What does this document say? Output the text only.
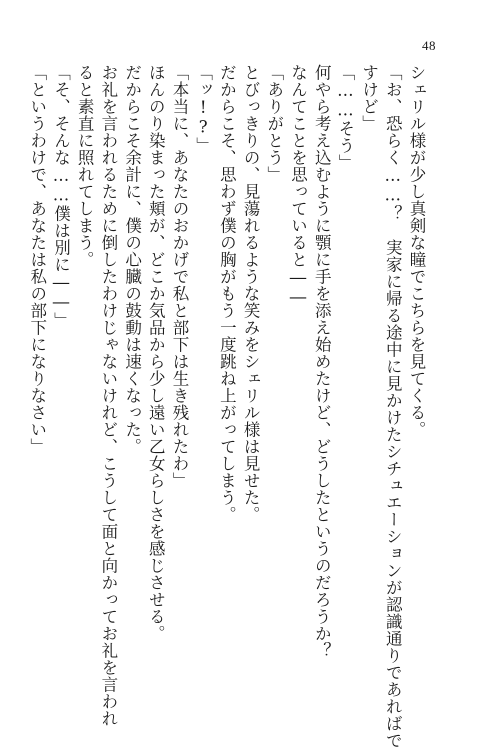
48
シェリル様が少し真剣な瞳でこちらを見てくる。
「お、恐らく……？　実家に帰る途中に見かけたシチュエーションが認識通りであればで
すけど」
「……そう」
何やら考え込むように顎に手を添え始めたけど、どうしたというのだろうか？
なんてことを思っていると――
「ありがとう」
とびっきりの、見蕩れるような笑みをシェリル様は見せた。
だからこそ、思わず僕の胸がもう一度跳ね上がってしまう。
「ッ!?」
「本当に、あなたのおかげで私と部下は生き残れたわ」
ほんのり染まった頬が、どこか気品から少し遠い乙女らしさを感じさせる。
だからこそ余計に、僕の心臓の鼓動は速くなった。
お礼を言われるために倒したわけじゃないけれど、こうして面と向かってお礼を言われ
ると素直に照れてしまう。
「そ、そんな……僕は別に――」
「というわけで、あなたは私の部下になりなさい」
